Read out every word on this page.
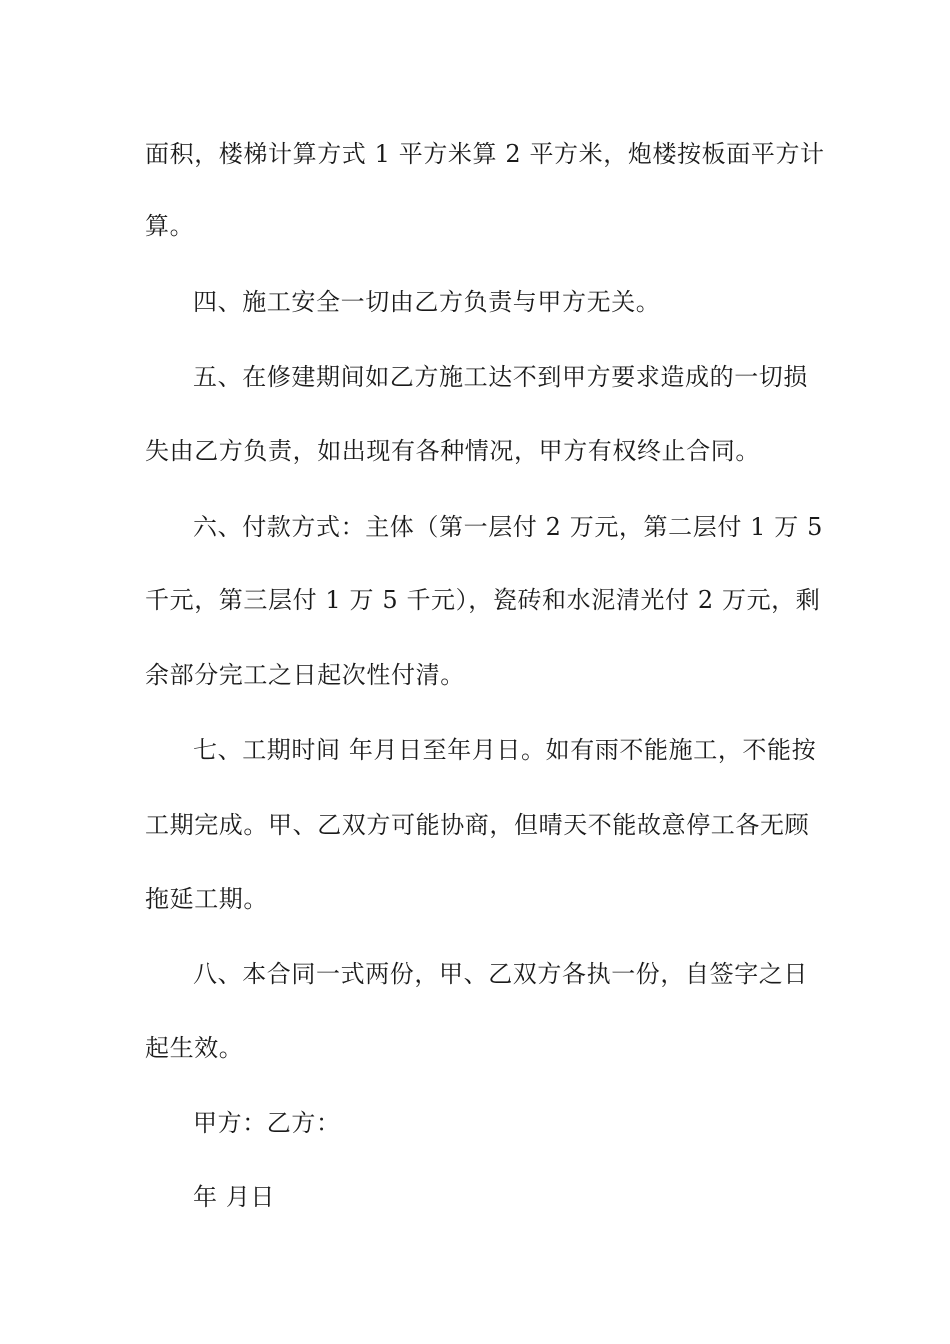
面积，楼梯计算方式 1 平方米算 2 平方米，炮楼按板面平方计
算。
四、施工安全一切由乙方负责与甲方无关。
五、在修建期间如乙方施工达不到甲方要求造成的一切损
失由乙方负责，如出现有各种情况，甲方有权终止合同。
六、付款方式：主体（第一层付 2 万元，第二层付 1 万 5
千元，第三层付 1 万 5 千元），瓷砖和水泥清光付 2 万元，剩
余部分完工之日起次性付清。
七、工期时间 年月日至年月日。如有雨不能施工，不能按
工期完成。甲、乙双方可能协商，但晴天不能故意停工各无顾
拖延工期。
八、本合同一式两份，甲、乙双方各执一份，自签字之日
起生效。
甲方：乙方：
年 月日
